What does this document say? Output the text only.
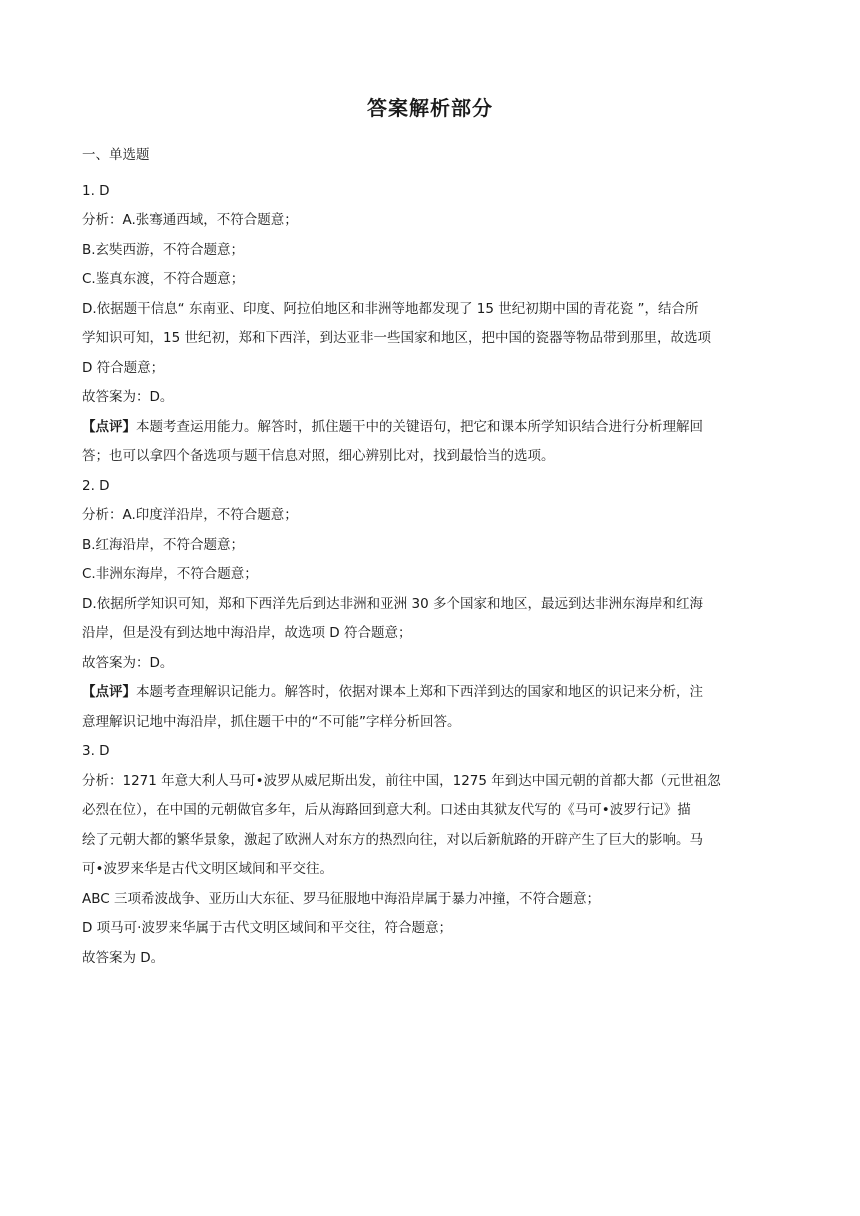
答案解析部分
一、单选题
1. D
分析：A.张骞通西域，不符合题意；
B.玄奘西游，不符合题意；
C.鉴真东渡，不符合题意；
D.依据题干信息“ 东南亚、印度、阿拉伯地区和非洲等地都发现了 15 世纪初期中国的青花瓷 ”，结合所
学知识可知，15 世纪初，郑和下西洋，到达亚非一些国家和地区，把中国的瓷器等物品带到那里，故选项
D 符合题意；
故答案为：D。
【点评】本题考查运用能力。解答时，抓住题干中的关键语句，把它和课本所学知识结合进行分析理解回
答；也可以拿四个备选项与题干信息对照，细心辨别比对，找到最恰当的选项。
2. D
分析：A.印度洋沿岸，不符合题意；
B.红海沿岸，不符合题意；
C.非洲东海岸，不符合题意；
D.依据所学知识可知，郑和下西洋先后到达非洲和亚洲 30 多个国家和地区，最远到达非洲东海岸和红海
沿岸，但是没有到达地中海沿岸，故选项 D 符合题意；
故答案为：D。
【点评】本题考查理解识记能力。解答时，依据对课本上郑和下西洋到达的国家和地区的识记来分析，注
意理解识记地中海沿岸，抓住题干中的“不可能”字样分析回答。
3. D
分析：1271 年意大利人马可•波罗从威尼斯出发，前往中国，1275 年到达中国元朝的首都大都（元世祖忽
必烈在位），在中国的元朝做官多年，后从海路回到意大利。口述由其狱友代写的《马可•波罗行记》描
绘了元朝大都的繁华景象，激起了欧洲人对东方的热烈向往，对以后新航路的开辟产生了巨大的影响。马
可•波罗来华是古代文明区域间和平交往。
ABC 三项希波战争、亚历山大东征、罗马征服地中海沿岸属于暴力冲撞，不符合题意；
D 项马可·波罗来华属于古代文明区域间和平交往，符合题意；
故答案为 D。
